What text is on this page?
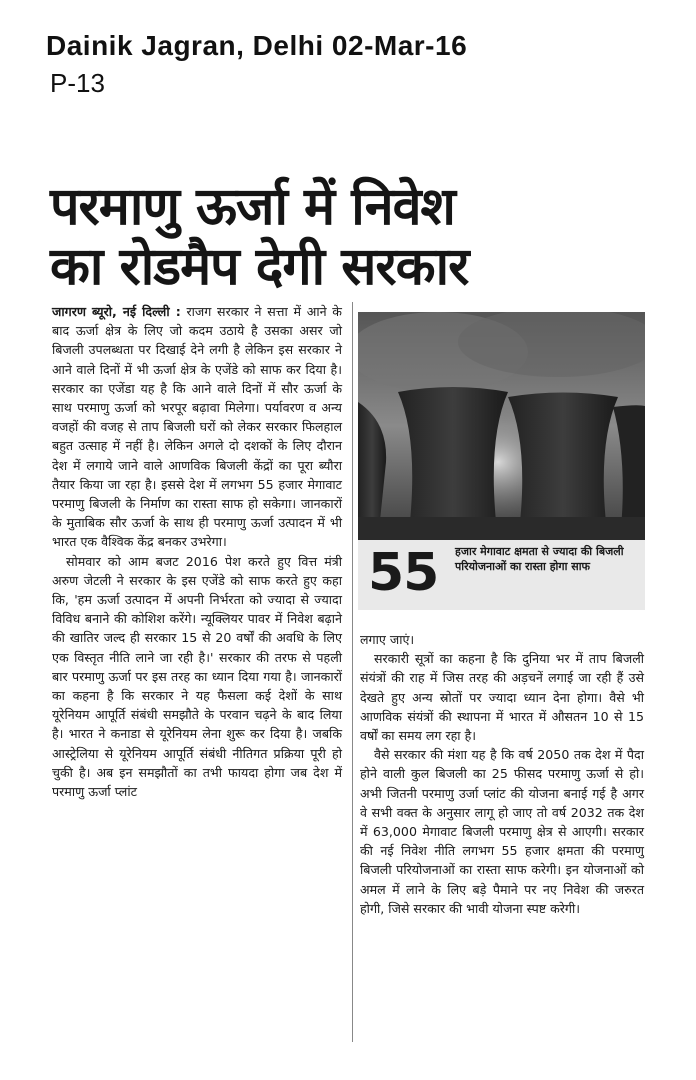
Dainik Jagran, Delhi 02-Mar-16
P-13
परमाणु ऊर्जा में निवेश
का रोडमैप देगी सरकार

जागरण ब्यूरो, नई दिल्ली : राजग सरकार ने सत्ता में आने के बाद ऊर्जा क्षेत्र के लिए जो कदम उठाये है उसका असर जो बिजली उपलब्धता पर दिखाई देने लगी है लेकिन इस सरकार ने आने वाले दिनों में भी ऊर्जा क्षेत्र के एजेंडे को साफ कर दिया है। सरकार का एजेंडा यह है कि आने वाले दिनों में सौर ऊर्जा के साथ परमाणु ऊर्जा को भरपूर बढ़ावा मिलेगा। पर्यावरण व अन्य वजहों की वजह से ताप बिजली घरों को लेकर सरकार फिलहाल बहुत उत्साह में नहीं है। लेकिन अगले दो दशकों के लिए दौरान देश में लगाये जाने वाले आणविक बिजली केंद्रों का पूरा ब्यौरा तैयार किया जा रहा है। इससे देश में लगभग 55 हजार मेगावाट परमाणु बिजली के निर्माण का रास्ता साफ हो सकेगा। जानकारों के मुताबिक सौर ऊर्जा के साथ ही परमाणु ऊर्जा उत्पादन में भी भारत एक वैश्विक केंद्र बनकर उभरेगा।

सोमवार को आम बजट 2016 पेश करते हुए वित्त मंत्री अरुण जेटली ने सरकार के इस एजेंडे को साफ करते हुए कहा कि, 'हम ऊर्जा उत्पादन में अपनी निर्भरता को ज्यादा से ज्यादा विविध बनाने की कोशिश करेंगे। न्यूक्लियर पावर में निवेश बढ़ाने की खातिर जल्द ही सरकार 15 से 20 वर्षों की अवधि के लिए एक विस्तृत नीति लाने जा रही है।' सरकार की तरफ से पहली बार परमाणु ऊर्जा पर इस तरह का ध्यान दिया गया है। जानकारों का कहना है कि सरकार ने यह फैसला कई देशों के साथ यूरेनियम आपूर्ति संबंधी समझौते के परवान चढ़ने के बाद लिया है। भारत ने कनाडा से यूरेनियम लेना शुरू कर दिया है। जबकि आस्ट्रेलिया से यूरेनियम आपूर्ति संबंधी नीतिगत प्रक्रिया पूरी हो चुकी है। अब इन समझौतों का तभी फायदा होगा जब देश में परमाणु ऊर्जा प्लांट

55 हजार मेगावाट क्षमता से ज्यादा की बिजली परियोजनाओं का रास्ता होगा साफ

लगाए जाएं।

सरकारी सूत्रों का कहना है कि दुनिया भर में ताप बिजली संयंत्रों की राह में जिस तरह की अड़चनें लगाई जा रही हैं उसे देखते हुए अन्य स्रोतों पर ज्यादा ध्यान देना होगा। वैसे भी आणविक संयंत्रों की स्थापना में भारत में औसतन 10 से 15 वर्षों का समय लग रहा है।

वैसे सरकार की मंशा यह है कि वर्ष 2050 तक देश में पैदा होने वाली कुल बिजली का 25 फीसद परमाणु ऊर्जा से हो। अभी जितनी परमाणु उर्जा प्लांट की योजना बनाई गई है अगर वे सभी वक्त के अनुसार लागू हो जाए तो वर्ष 2032 तक देश में 63,000 मेगावाट बिजली परमाणु क्षेत्र से आएगी। सरकार की नई निवेश नीति लगभग 55 हजार क्षमता की परमाणु बिजली परियोजनाओं का रास्ता साफ करेगी। इन योजनाओं को अमल में लाने के लिए बड़े पैमाने पर नए निवेश की जरुरत होगी, जिसे सरकार की भावी योजना स्पष्ट करेगी।
